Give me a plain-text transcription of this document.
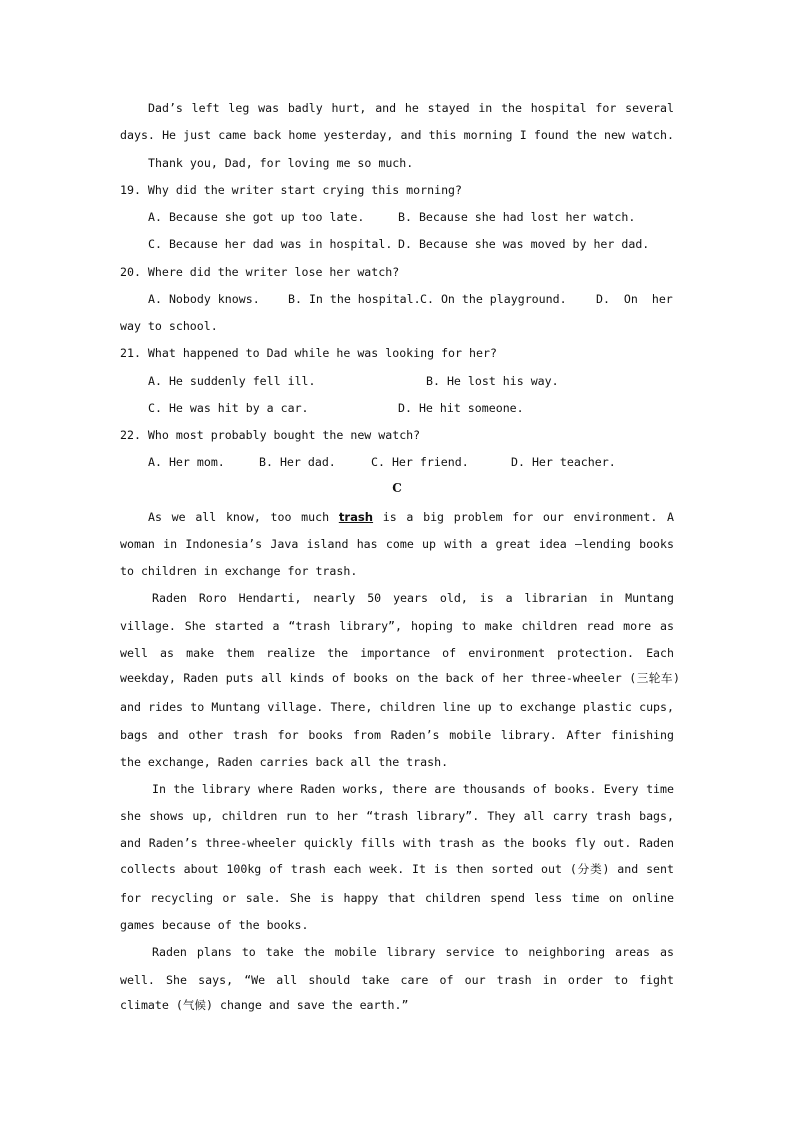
Dad’s left leg was badly hurt, and he stayed in the hospital for several
days. He just came back home yesterday, and this morning I found the new watch.
Thank you, Dad, for loving me so much.
19. Why did the writer start crying this morning?
A. Because she got up too late.	B. Because she had lost her watch.
C. Because her dad was in hospital. D. Because she was moved by her dad.
20. Where did the writer lose her watch?
A. Nobody knows. B. In the hospital. C. On the playground.	D.  On  her
way to school.
21. What happened to Dad while he was looking for her?
A. He suddenly fell ill.	B. He lost his way.
C. He was hit by a car.	D. He hit someone.
22. Who most probably bought the new watch?
A. Her mom.	B. Her dad.	C. Her friend.	D. Her teacher.
C
As we all know, too much trash is a big problem for our environment. A
woman in Indonesia’s Java island has come up with a great idea —lending books
to children in exchange for trash.
Raden Roro Hendarti, nearly 50 years old, is a librarian in Muntang
village. She started a “trash library”, hoping to make children read more as
well as make them realize the importance of environment protection. Each
weekday, Raden puts all kinds of books on the back of her three-wheeler (三轮车)
and rides to Muntang village. There, children line up to exchange plastic cups,
bags and other trash for books from Raden’s mobile library. After finishing
the exchange, Raden carries back all the trash.
In the library where Raden works, there are thousands of books. Every time
she shows up, children run to her “trash library”. They all carry trash bags,
and Raden’s three-wheeler quickly fills with trash as the books fly out. Raden
collects about 100kg of trash each week. It is then sorted out (分类) and sent
for recycling or sale. She is happy that children spend less time on online
games because of the books.
Raden plans to take the mobile library service to neighboring areas as
well. She says, “We all should take care of our trash in order to fight
climate (气候) change and save the earth.”
